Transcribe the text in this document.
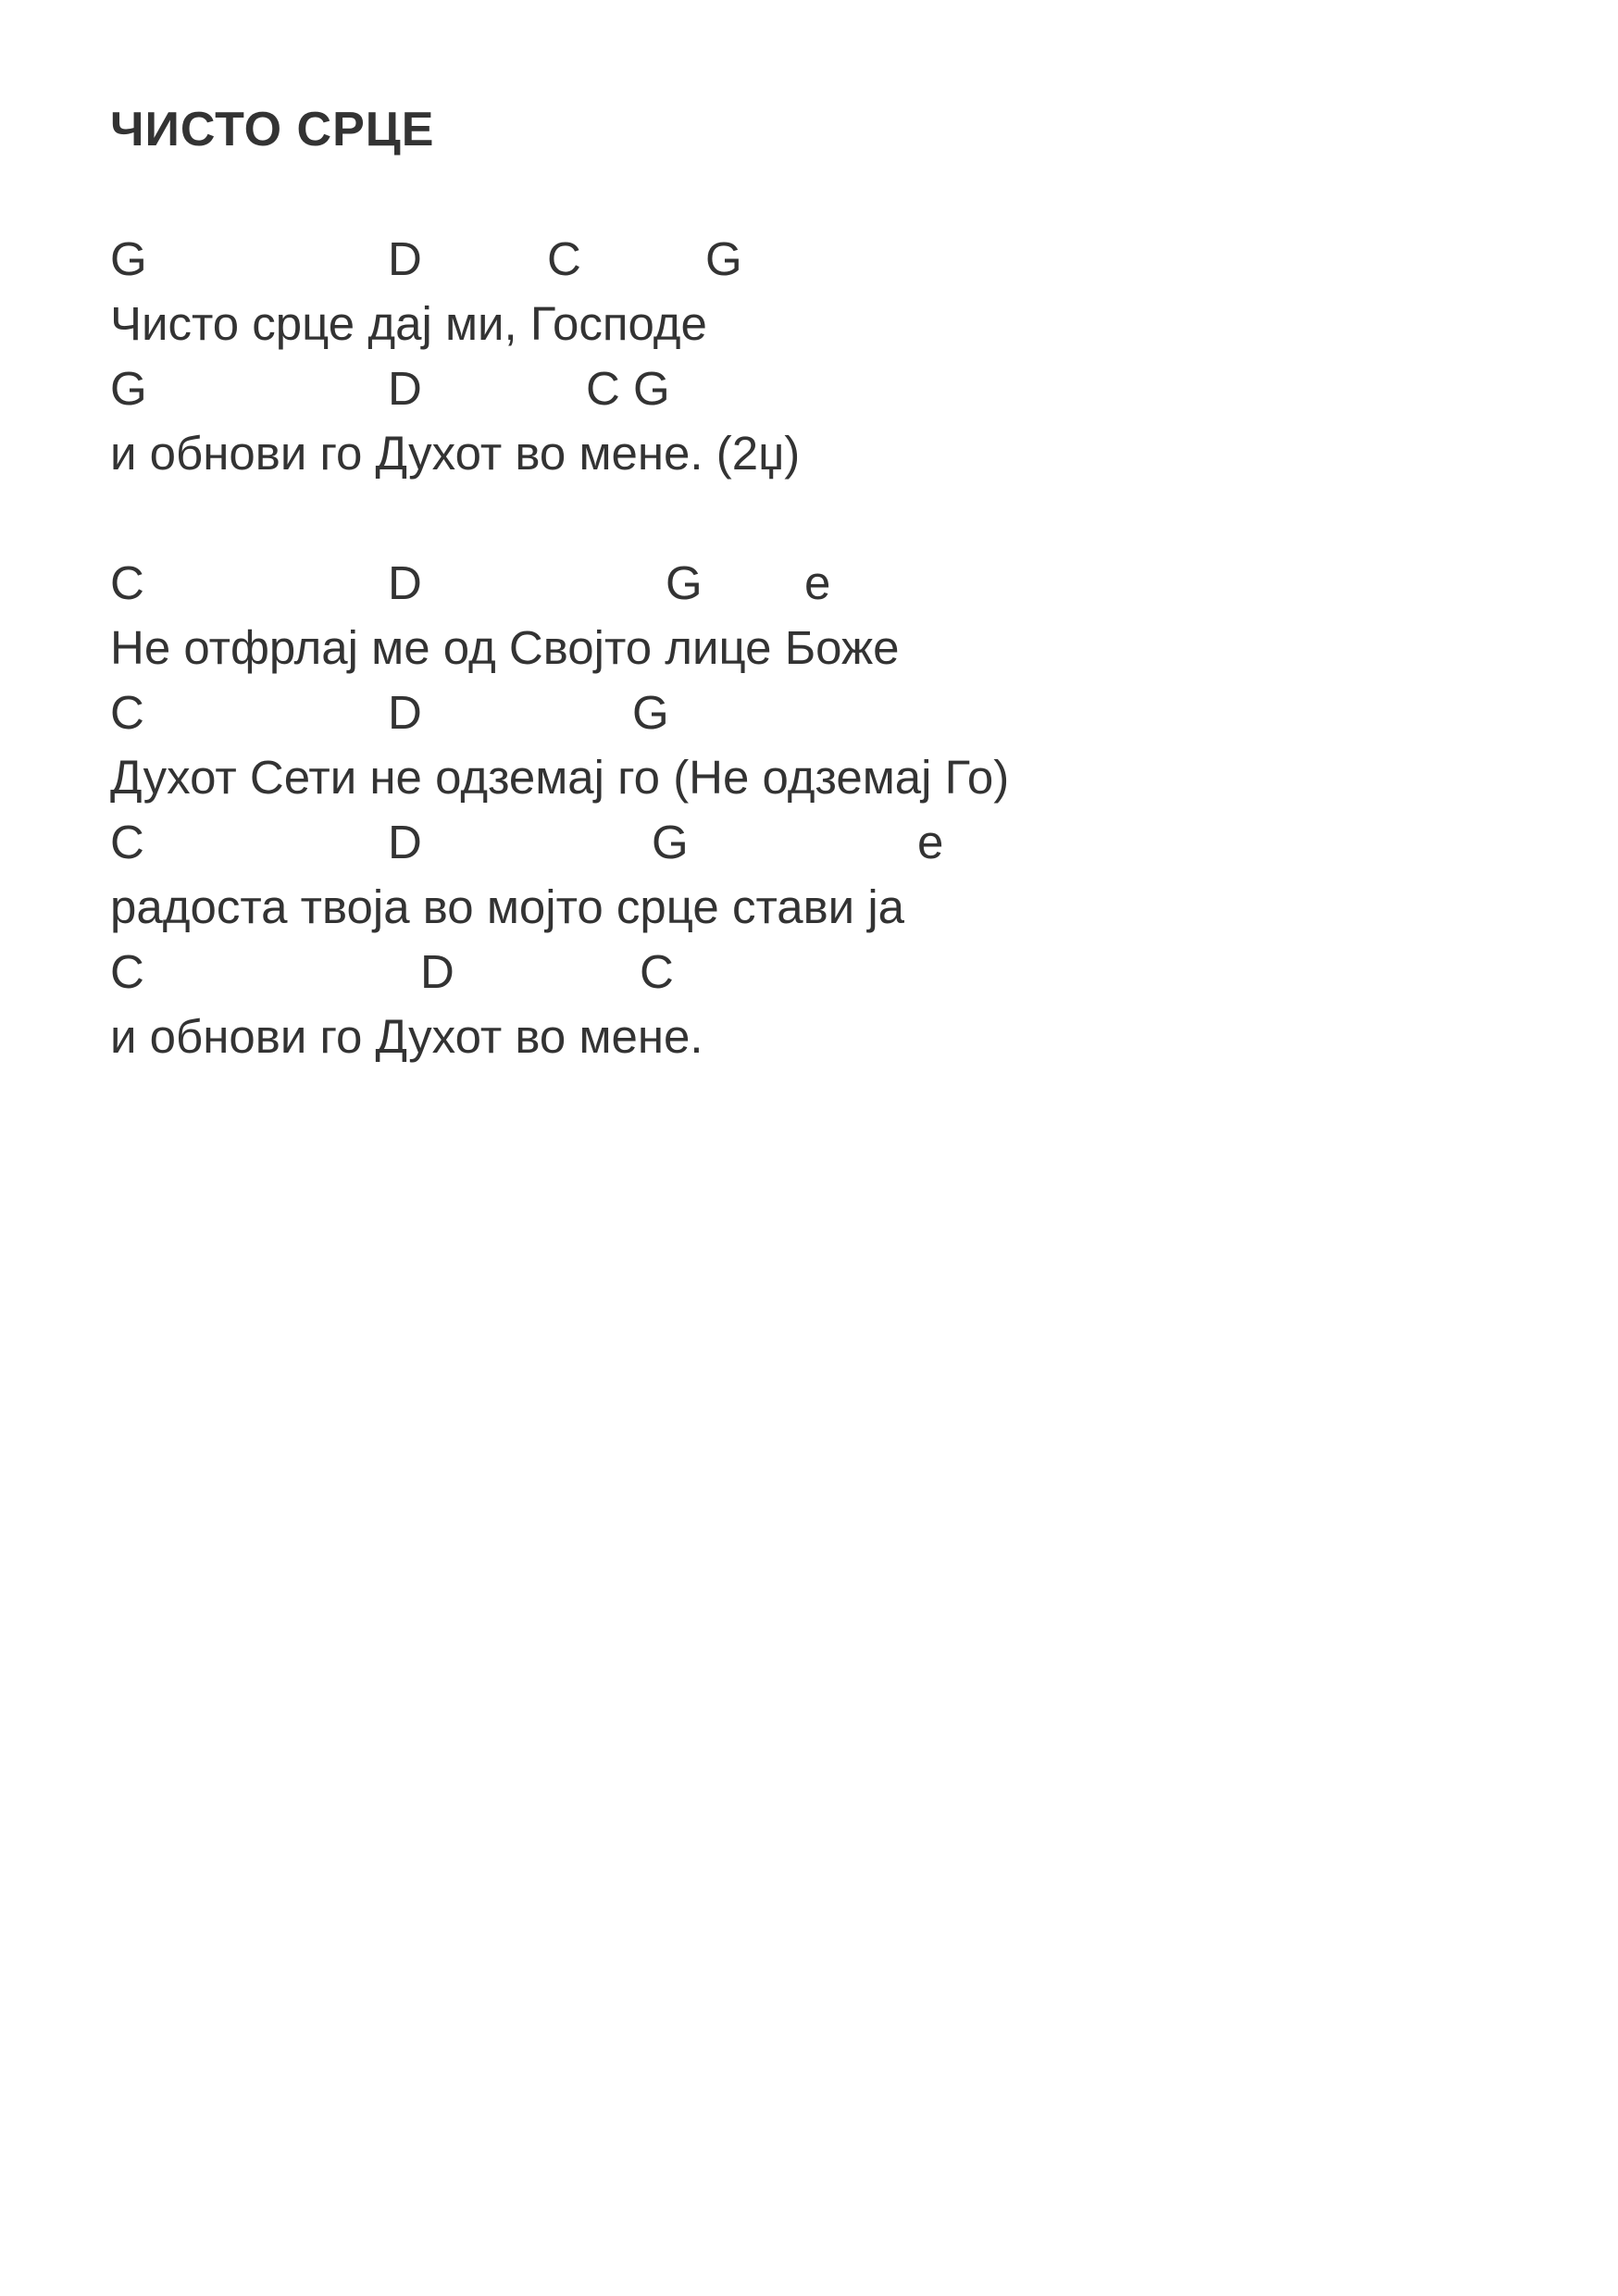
ЧИСТО СРЦЕ
G	D	C	G
Чисто срце дај ми, Господе
G	D	C G
и обнови го Духот во мене. (2џ)
C	D	G e
Не отфрлај ме од Својто лице Боже
C	D	G
Духот Сети не одземај го (Не одземај Го)
C	D	G	e
радоста твоја во мојто срце стави ја
C	D	C
и обнови го Духот во мене.
